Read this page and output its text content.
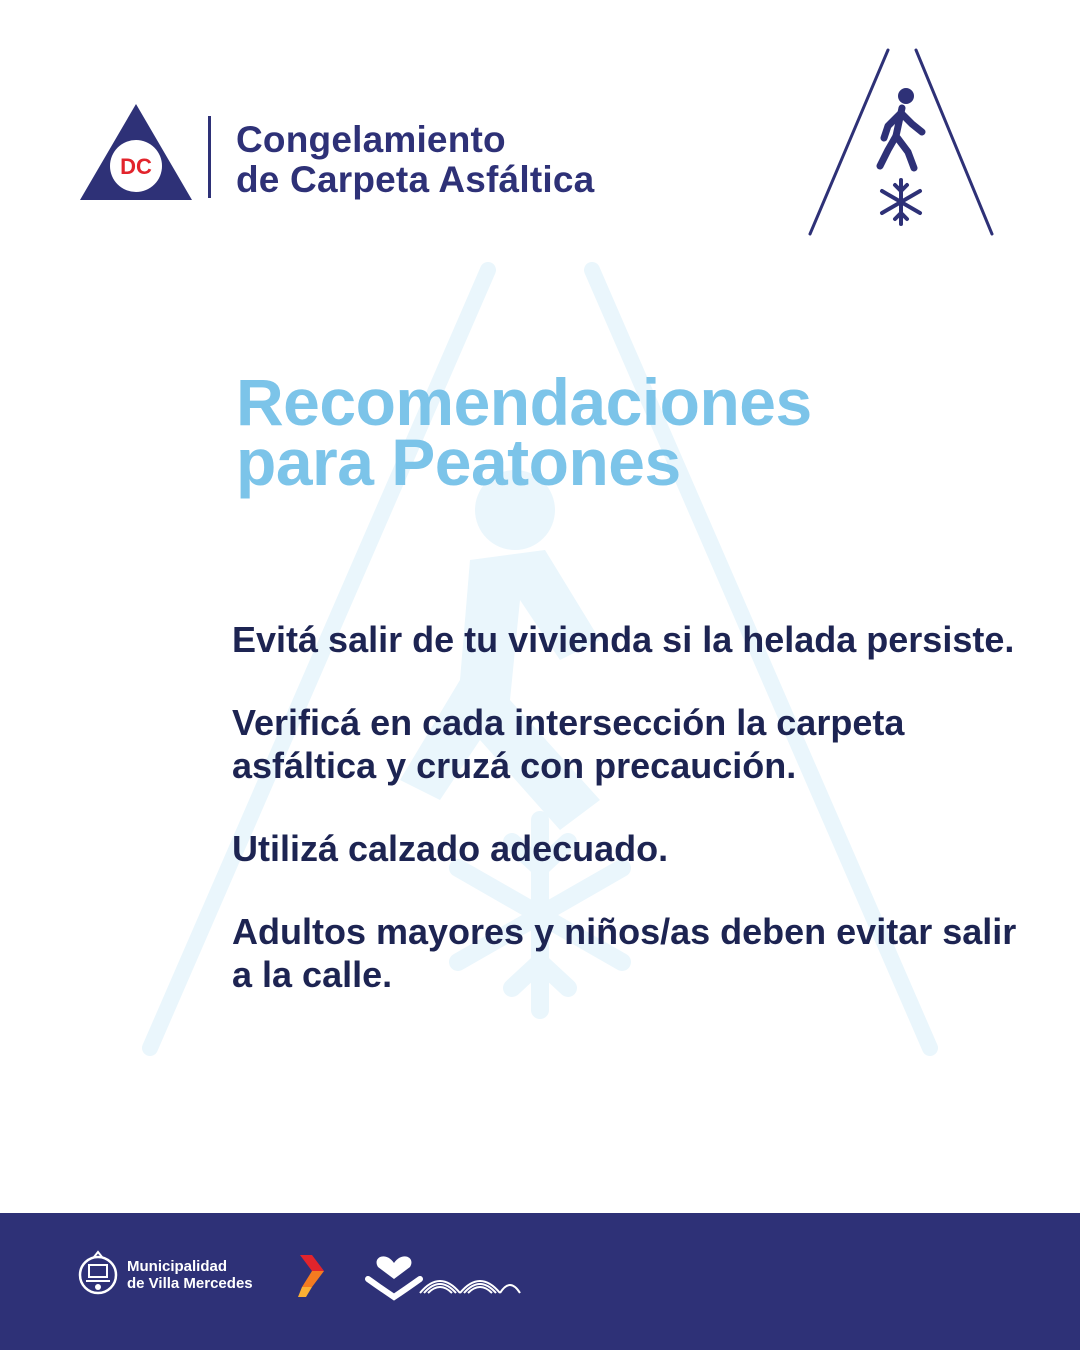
DC
Congelamiento
de Carpeta Asfáltica
Recomendaciones
para Peatones
Evitá salir de tu vivienda si la helada persiste.
Verificá en cada intersección la carpeta asfáltica y cruzá con precaución.
Utilizá calzado adecuado.
Adultos mayores y niños/as deben evitar salir a la calle.
Municipalidad
de Villa Mercedes
